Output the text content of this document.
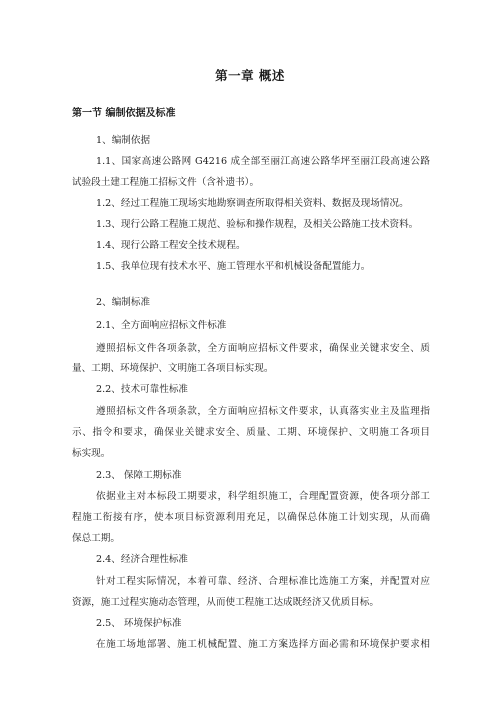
第一章 概述
第一节 编制依据及标准
1、编制依据
1.1、国家高速公路网 G4216 成全部至丽江高速公路华坪至丽江段高速公路
试验段土建工程施工招标文件（含补遗书）。
1.2、经过工程施工现场实地勘察调查所取得相关资料、数据及现场情况。
1.3、现行公路工程施工规范、验标和操作规程，及相关公路施工技术资料。
1.4、现行公路工程安全技术规程。
1.5、我单位现有技术水平、施工管理水平和机械设备配置能力。
2、编制标准
2.1、全方面响应招标文件标准
遵照招标文件各项条款，全方面响应招标文件要求，确保业关键求安全、质
量、工期、环境保护、文明施工各项目标实现。
2.2、技术可靠性标准
遵照招标文件各项条款，全方面响应招标文件要求，认真落实业主及监理指
示、指令和要求，确保业关键求安全、质量、工期、环境保护、文明施工各项目
标实现。
2.3、 保障工期标准
依据业主对本标段工期要求，科学组织施工，合理配置资源，使各项分部工
程施工衔接有序，使本项目标资源利用充足，以确保总体施工计划实现，从而确
保总工期。
2.4、经济合理性标准
针对工程实际情况，本着可靠、经济、合理标准比选施工方案，并配置对应
资源，施工过程实施动态管理，从而使工程施工达成既经济又优质目标。
2.5、 环境保护标准
在施工场地部署、施工机械配置、施工方案选择方面必需和环境保护要求相
